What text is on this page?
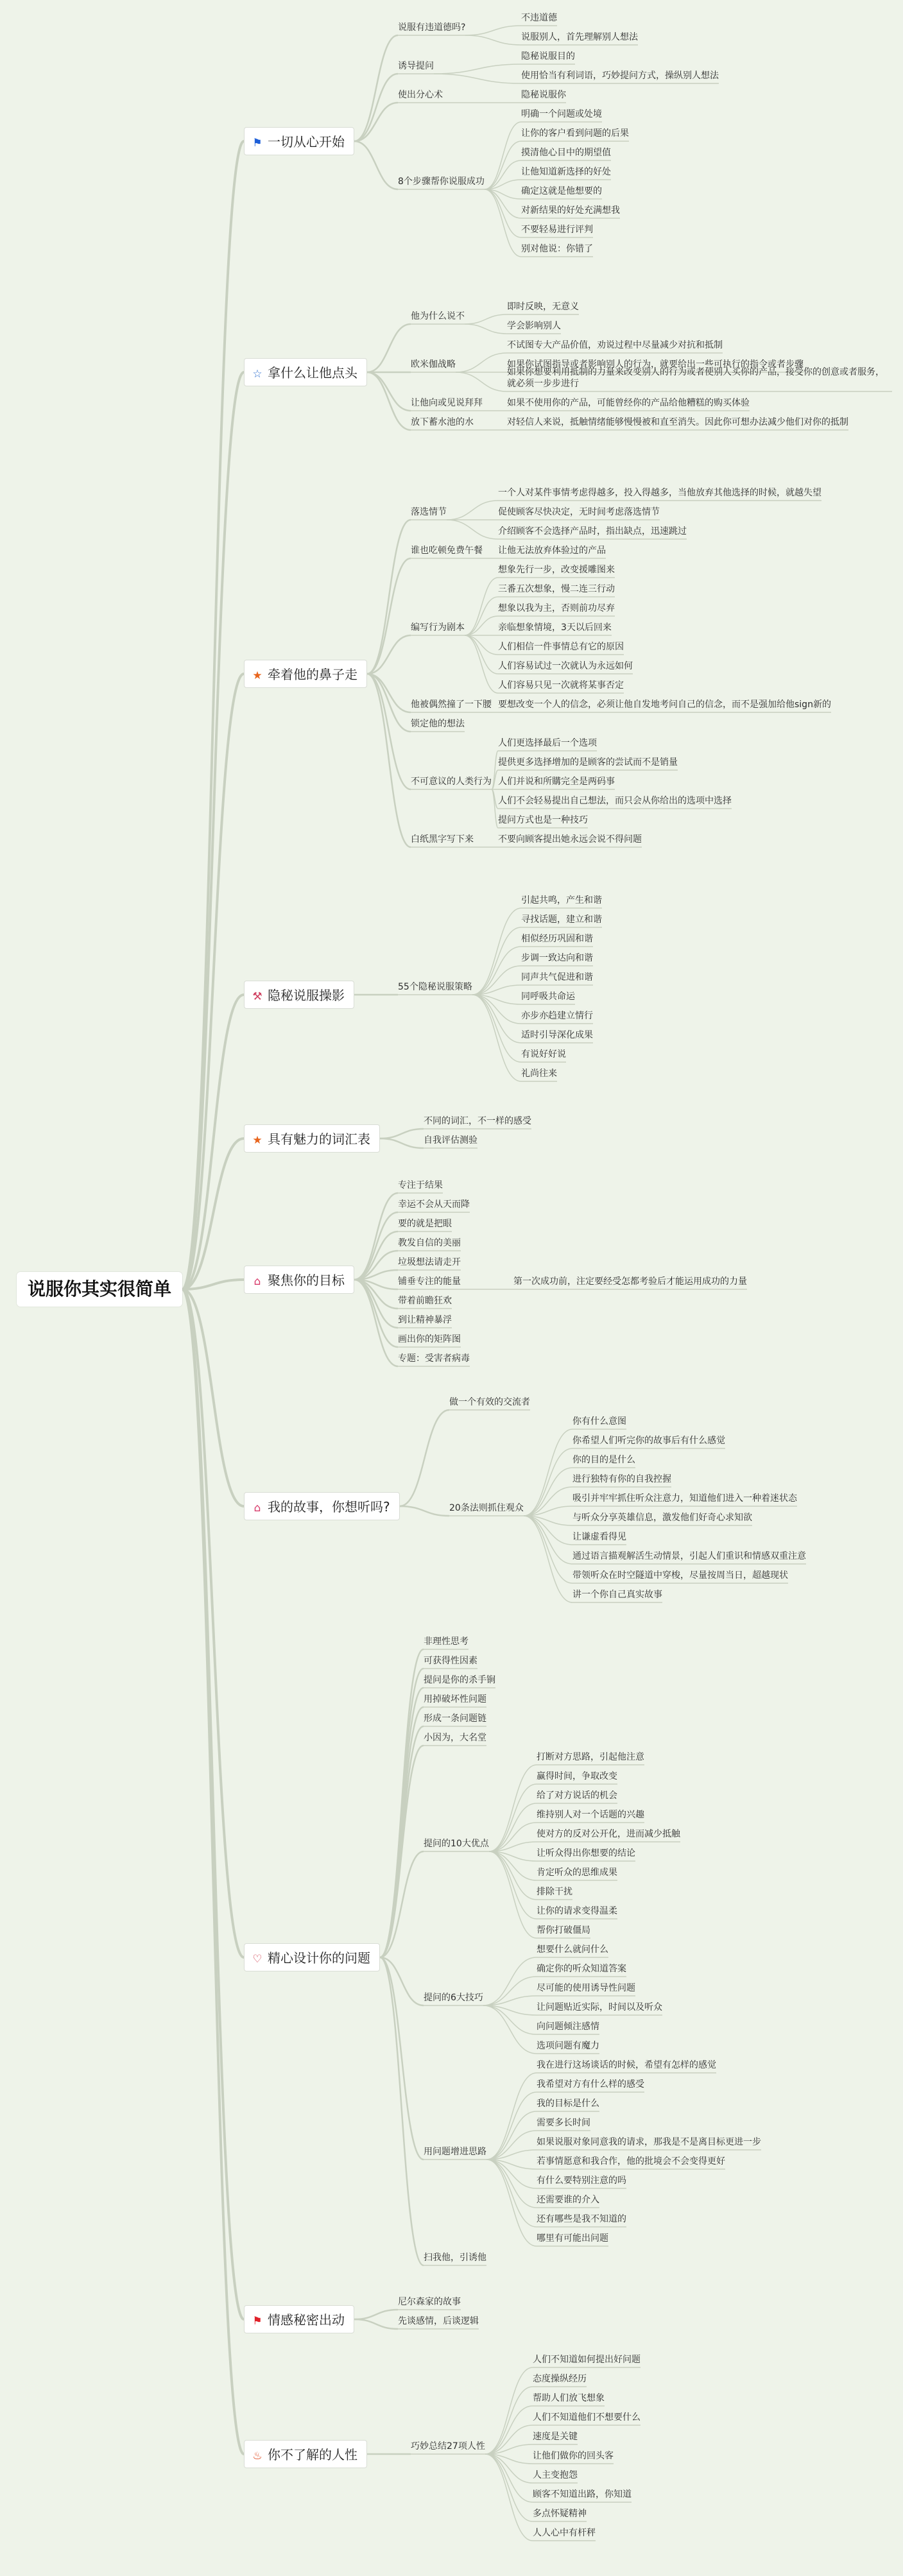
说服你其实很简单
⚑ 一切从心开始
说服有违道德吗?
不违道德
说服别人，首先理解别人想法
诱导提问
隐秘说服目的
使用恰当有利词语，巧妙提问方式，操纵别人想法
使出分心术	隐秘说服你
8个步骤帮你说服成功
明确一个问题或处境
让你的客户看到问题的后果
摸清他心目中的期望值
让他知道新选择的好处
确定这就是他想要的
对新结果的好处充满想我
不要轻易进行评判
别对他说：你错了
☆ 拿什么让他点头
他为什么说不
即时反映，无意义
学会影响别人
欧米伽战略
不试图专大产品价值，劝说过程中尽量减少对抗和抵制
如果你试图指导或者影响别人的行为，就要给出一些可执行的指令或者步骤
如果你想要利用抵制的力量来改变别人的行为或者使别人买你的产品，接受你的创意或者服务，就必须一步步进行
让他向或见说拜拜	如果不使用你的产品，可能曾经你的产品给他糟糕的购买体验
放下蓄水池的水	对轻信人来说，抵触情绪能够慢慢被和直至消失。因此你可想办法减少他们对你的抵制
★ 牵着他的鼻子走
落选情节
一个人对某件事情考虑得越多，投入得越多，当他放弃其他选择的时候，就越失望
促使顾客尽快决定，无时间考虑落选情节
介绍顾客不会选择产品时，指出缺点，迅速跳过
谁也吃顿免费午餐 让他无法放弃体验过的产品
编写行为剧本
想象先行一步，改变援雕图来
三番五次想象，慢二连三行动
想象以我为主，否则前功尽弃
亲临想象情境，3天以后回来
人们相信一件事情总有它的原因
人们容易试过一次就认为永远如何
人们容易只见一次就将某事否定
他被偶然撞了一下腰 要想改变一个人的信念，必须让他自发地考问自己的信念，而不是强加给他sign新的
锁定他的想法
不可意议的人类行为
人们更选择最后一个选项
提供更多选择增加的是顾客的尝试而不是销量
人们并说和所購完全是两码事
人们不会轻易提出自己想法，而只会从你给出的选项中选择
提问方式也是一种技巧
白纸黑字写下来	不要向顾客提出她永远会说不得问题
⚒ 隐秘说服操影
55个隐秘说服策略
引起共鸣，产生和谐
寻找话题，建立和谐
相似经历巩固和谐
步调一致达向和谐
同声共气促进和谐
同呼吸共命运
亦步亦趋建立情行
适时引导深化成果
有说好好说
礼尚往来
★ 具有魅力的词汇表
不同的词汇，不一样的感受
自我评估测验
⌂ 聚焦你的目标
专注于结果
幸运不会从天而降
要的就是把眼
教发自信的美丽
垃圾想法请走开
铺垂专注的能量	第一次成功前，注定要经受怎都考验后才能运用成功的力量
带着前瞻狂欢
到让精神暴浮
画出你的矩阵图
专题：受害者病毒
⌂ 我的故事，你想听吗?
做一个有效的交流者
20条法则抓住观众
你有什么意图
你希望人们听完你的故事后有什么感觉
你的目的是什么
进行独特有你的自我控握
吸引并牢牢抓住听众注意力，知道他们进入一种着迷状态
与听众分享英雄信息，激发他们好奇心求知欲
让谦虚看得见
通过语言描观解活生动情景，引起人们重识和情感双重注意
带领听众在时空隧道中穿梭，尽量按周当日，超越现状
讲一个你自己真实故事
♡ 精心设计你的问题
非理性思考
可获得性因素
提问是你的杀手锏
用掉破坏性问题
形成一条问题链
小因为，大名堂
提问的10大优点
打断对方思路，引起他注意
赢得时间，争取改变
给了对方说话的机会
维持别人对一个话题的兴趣
使对方的反对公开化，进而减少抵触
让听众得出你想要的结论
肯定听众的思维成果
排除干扰
让你的请求变得温柔
帮你打破僵局
提问的6大技巧
想要什么就问什么
确定你的听众知道答案
尽可能的使用诱导性问题
让问题贴近实际，时间以及听众
向问题倾注感情
选项问题有魔力
用问题增进思路
我在进行这场谈话的时候，希望有怎样的感觉
我希望对方有什么样的感受
我的目标是什么
需要多长时间
如果说服对象同意我的请求，那我是不是离目标更进一步
若事情愿意和我合作，他的批境会不会变得更好
有什么要特别注意的吗
还需要谁的介入
还有哪些是我不知道的
哪里有可能出问题
扫我他，引诱他
⚑ 情感秘密出动
尼尔森家的故事
先谈感情，后谈逻辑
♨ 你不了解的人性
巧妙总结27项人性
人们不知道如何提出好问题
态度操纵经历
帮助人们放飞想象
人们不知道他们不想要什么
速度是关键
让他们做你的回头客
人主变抱怨
顾客不知道出路，你知道
多点怀疑精神
人人心中有杆秤
